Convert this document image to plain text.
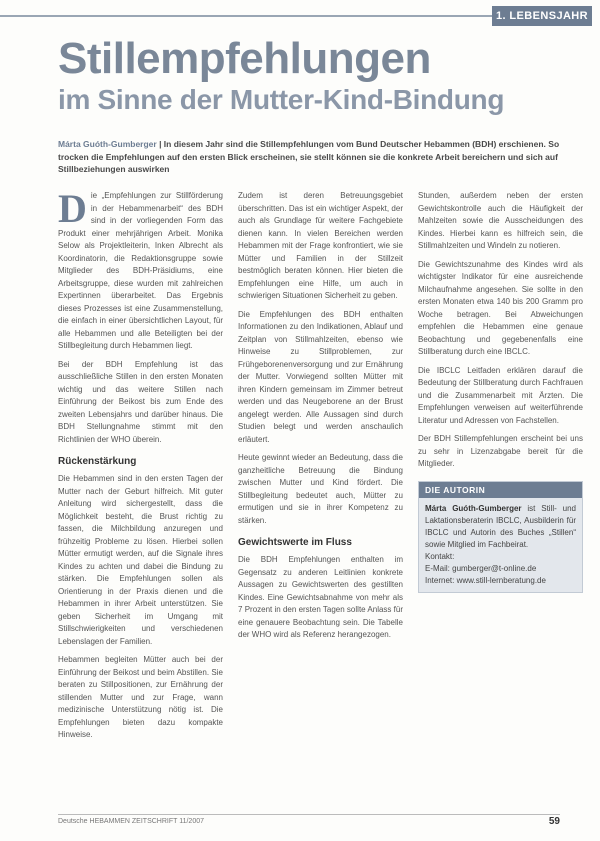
1. LEBENSJAHR
Stillempfehlungen
im Sinne der Mutter-Kind-Bindung
Márta Guóth-Gumberger | In diesem Jahr sind die Stillempfehlungen vom Bund Deutscher Hebammen (BDH) erschienen. So trocken die Empfehlungen auf den ersten Blick erscheinen, sie stellt können sie die konkrete Arbeit bereichern und sich auf Stillbeziehungen auswirken

Die „Empfehlungen zur Stillförderung in der Hebammenarbeit“ des BDH sind in der vorliegenden Form das Produkt einer mehrjährigen Arbeit. Monika Selow als Projektleiterin, Inken Albrecht als Koordinatorin, die Redaktionsgruppe sowie Mitglieder des BDH-Präsidiums, eine Arbeitsgruppe, diese wurden mit zahlreichen Expertinnen überarbeitet. Das Ergebnis dieses Prozesses ist eine Zusammenstellung, die einfach in einer übersichtlichen Layout, für alle Hebammen und alle Beteiligten bei der Stillbegleitung durch Hebammen liegt.

Bei der BDH Empfehlung ist das ausschließliche Stillen in den ersten Monaten wichtig und das weitere Stillen nach Einführung der Beikost bis zum Ende des zweiten Lebensjahrs und darüber hinaus. Die BDH Stellungnahme stimmt mit den Richtlinien der WHO überein.

Rückenstärkung

Die Hebammen sind in den ersten Tagen der Mutter nach der Geburt hilfreich. Mit guter Anleitung wird sichergestellt, dass die Möglichkeit besteht, die Brust richtig zu fassen, die Milchbildung anzuregen und frühzeitig Probleme zu lösen. Hierbei sollen Mütter ermutigt werden, auf die Signale ihres Kindes zu achten und dabei die Bindung zu stärken. Die Empfehlungen sollen als Orientierung in der Praxis dienen und die Hebammen in ihrer Arbeit unterstützen. Sie geben Sicherheit im Umgang mit Stillschwierigkeiten und verschiedenen Lebenslagen der Familien.

Hebammen begleiten Mütter auch bei der Einführung der Beikost und beim Abstillen. Sie beraten zu Stillpositionen, zur Ernährung der stillenden Mutter und zur Frage, wann medizinische Unterstützung nötig ist. Die Empfehlungen bieten dazu kompakte Hinweise.

Zudem ist deren Betreuungsgebiet überschritten. Das ist ein wichtiger Aspekt, der auch als Grundlage für weitere Fachgebiete dienen kann. In vielen Bereichen werden Hebammen mit der Frage konfrontiert, wie sie Mütter und Familien in der Stillzeit bestmöglich beraten können. Hier bieten die Empfehlungen eine Hilfe, um auch in schwierigen Situationen Sicherheit zu geben.

Die Empfehlungen des BDH enthalten Informationen zu den Indikationen, Ablauf und Zeitplan von Stillmahlzeiten, ebenso wie Hinweise zu Stillproblemen, zur Frühgeborenenversorgung und zur Ernährung der Mutter. Vorwiegend sollten Mütter mit ihren Kindern gemeinsam im Zimmer betreut werden und das Neugeborene an der Brust angelegt werden. Alle Aussagen sind durch Studien belegt und werden anschaulich erläutert.

Heute gewinnt wieder an Bedeutung, dass die ganzheitliche Betreuung die Bindung zwischen Mutter und Kind fördert. Die Stillbegleitung bedeutet auch, Mütter zu ermutigen und sie in ihrer Kompetenz zu stärken.

Gewichtswerte im Fluss

Die BDH Empfehlungen enthalten im Gegensatz zu anderen Leitlinien konkrete Aussagen zu Gewichtswerten des gestillten Kindes. Eine Gewichtsabnahme von mehr als 7 Prozent in den ersten Tagen sollte Anlass für eine genauere Beobachtung sein. Die Tabelle der WHO wird als Referenz herangezogen.

Stunden, außerdem neben der ersten Gewichtskontrolle auch die Häufigkeit der Mahlzeiten sowie die Ausscheidungen des Kindes. Hierbei kann es hilfreich sein, die Stillmahlzeiten und Windeln zu notieren.

Die Gewichtszunahme des Kindes wird als wichtigster Indikator für eine ausreichende Milchaufnahme angesehen. Sie sollte in den ersten Monaten etwa 140 bis 200 Gramm pro Woche betragen. Bei Abweichungen empfehlen die Hebammen eine genaue Beobachtung und gegebenenfalls eine Stillberatung durch eine IBCLC.

Die IBCLC Leitfaden erklären darauf die Bedeutung der Stillberatung durch Fachfrauen und die Zusammenarbeit mit Ärzten. Die Empfehlungen verweisen auf weiterführende Literatur und Adressen von Fachstellen.

Der BDH Stillempfehlungen erscheint bei uns zu sehr in Lizenzabgabe bereit für die Mitglieder.

DIE AUTORIN
Márta Guóth-Gumberger ist Still- und Laktationsberaterin IBCLC, Ausbilderin für IBCLC und Autorin des Buches „Stillen“ sowie Mitglied im Fachbeirat.
Kontakt:
E-Mail: gumberger@t-online.de
Internet: www.still-lernberatung.de
Deutsche HEBAMMEN ZEITSCHRIFT 11/2007	59
